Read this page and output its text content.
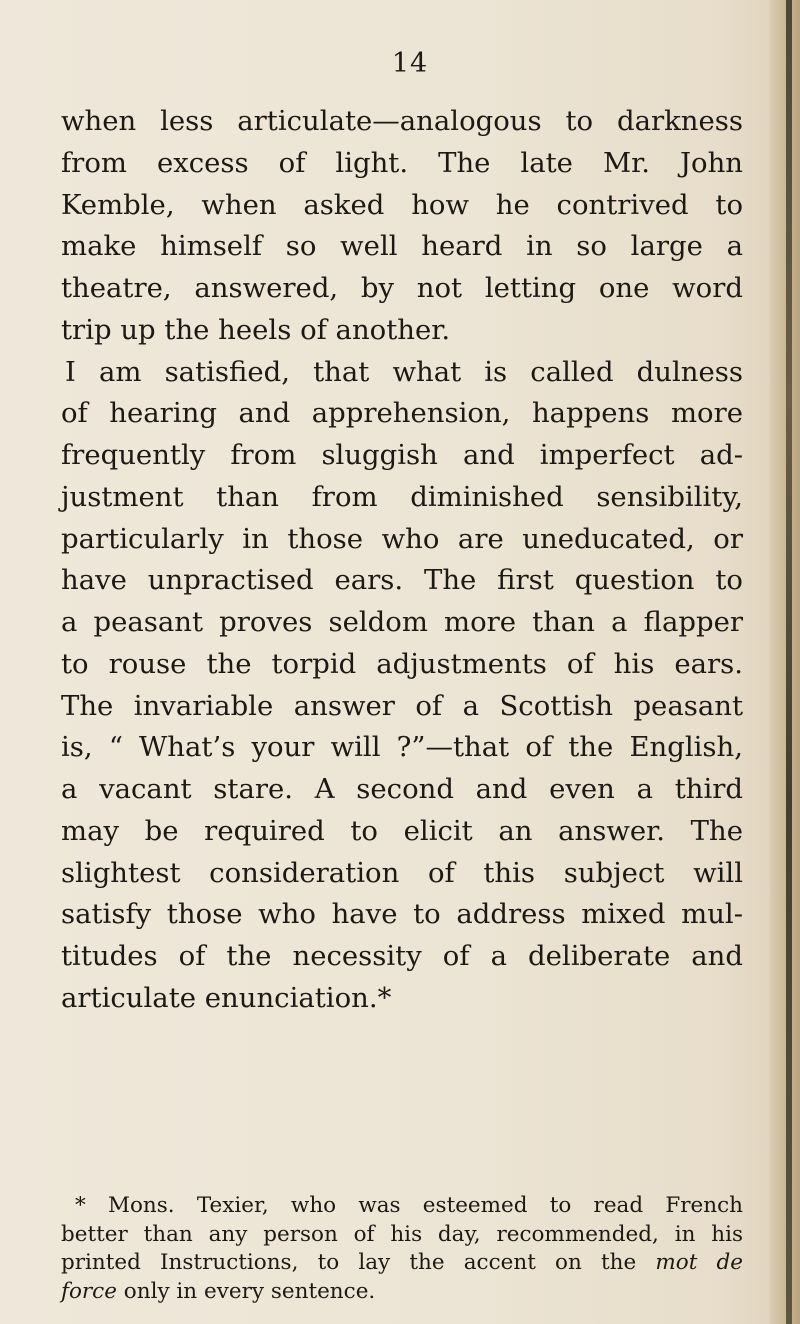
14
when less articulate—analogous to darkness
from excess of light. The late Mr. John
Kemble, when asked how he contrived to
make himself so well heard in so large a
theatre, answered, by not letting one word
trip up the heels of another.
I am satisfied, that what is called dulness
of hearing and apprehension, happens more
frequently from sluggish and imperfect ad-
justment than from diminished sensibility,
particularly in those who are uneducated, or
have unpractised ears. The first question to
a peasant proves seldom more than a flapper
to rouse the torpid adjustments of his ears.
The invariable answer of a Scottish peasant
is, “ What’s your will ?”—that of the English,
a vacant stare. A second and even a third
may be required to elicit an answer. The
slightest consideration of this subject will
satisfy those who have to address mixed mul-
titudes of the necessity of a deliberate and
articulate enunciation.*
* Mons. Texier, who was esteemed to read French
better than any person of his day, recommended, in his
printed Instructions, to lay the accent on the mot de
force only in every sentence.
